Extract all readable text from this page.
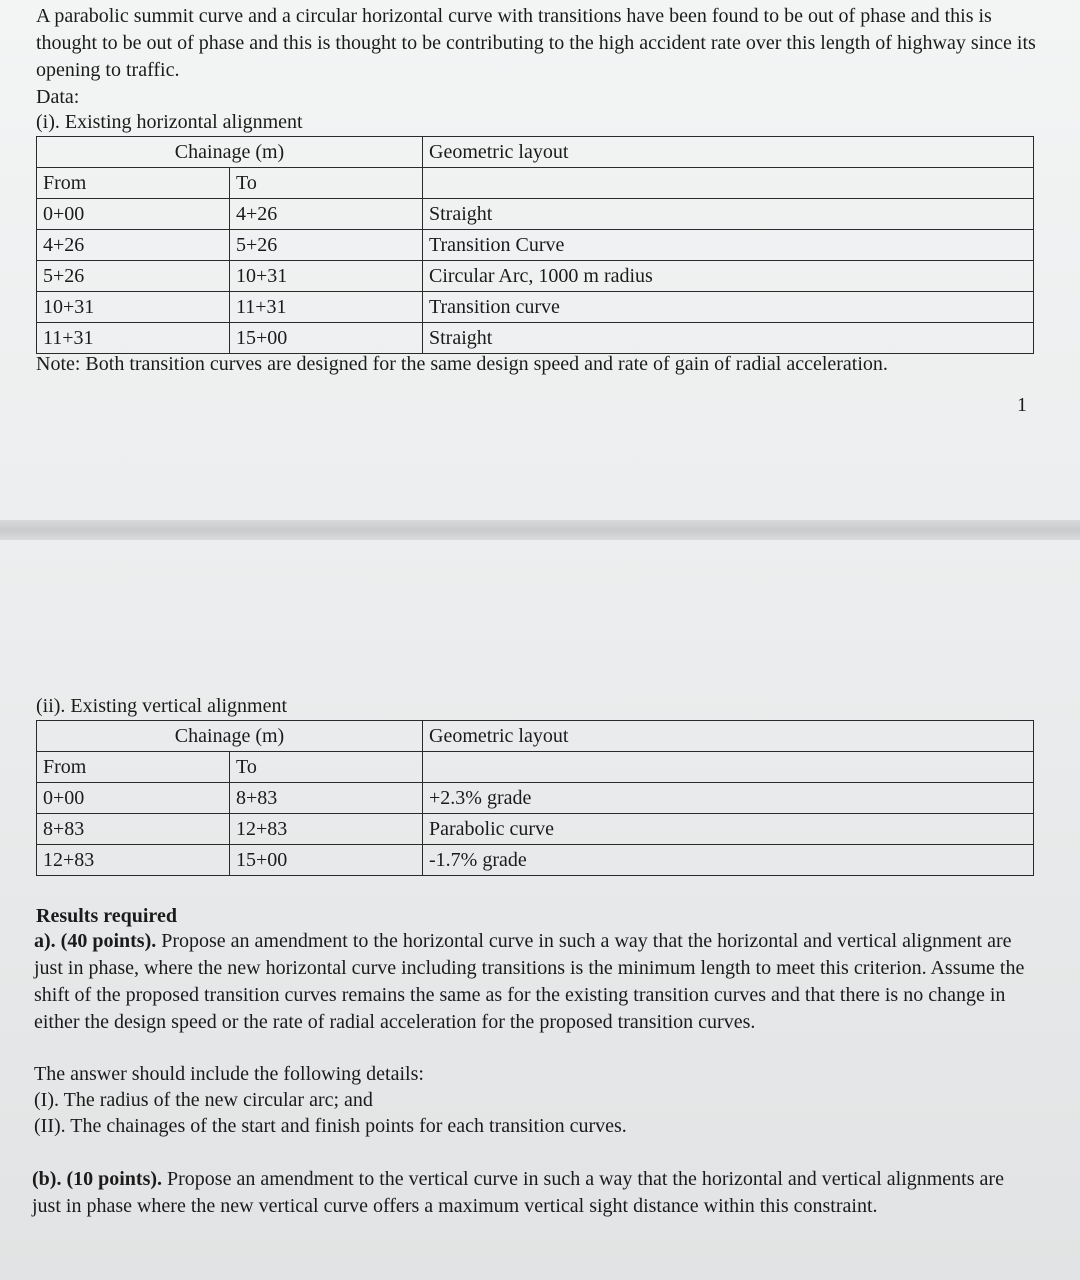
A parabolic summit curve and a circular horizontal curve with transitions have been found to be out of phase and this is thought to be out of phase and this is thought to be contributing to the high accident rate over this length of highway since its opening to traffic.

Data:

(i). Existing horizontal alignment

Chainage (m)		Geometric layout
From	To	
0+00	4+26	Straight
4+26	5+26	Transition Curve
5+26	10+31	Circular Arc, 1000 m radius
10+31	11+31	Transition curve
11+31	15+00	Straight

Note: Both transition curves are designed for the same design speed and rate of gain of radial acceleration.

1

(ii). Existing vertical alignment

Chainage (m)		Geometric layout
From	To	
0+00	8+83	+2.3% grade
8+83	12+83	Parabolic curve
12+83	15+00	-1.7% grade

Results required

a). (40 points). Propose an amendment to the horizontal curve in such a way that the horizontal and vertical alignment are just in phase, where the new horizontal curve including transitions is the minimum length to meet this criterion. Assume the shift of the proposed transition curves remains the same as for the existing transition curves and that there is no change in either the design speed or the rate of radial acceleration for the proposed transition curves.

The answer should include the following details:

(I). The radius of the new circular arc; and

(II). The chainages of the start and finish points for each transition curves.

(b). (10 points). Propose an amendment to the vertical curve in such a way that the horizontal and vertical alignments are just in phase where the new vertical curve offers a maximum vertical sight distance within this constraint.
